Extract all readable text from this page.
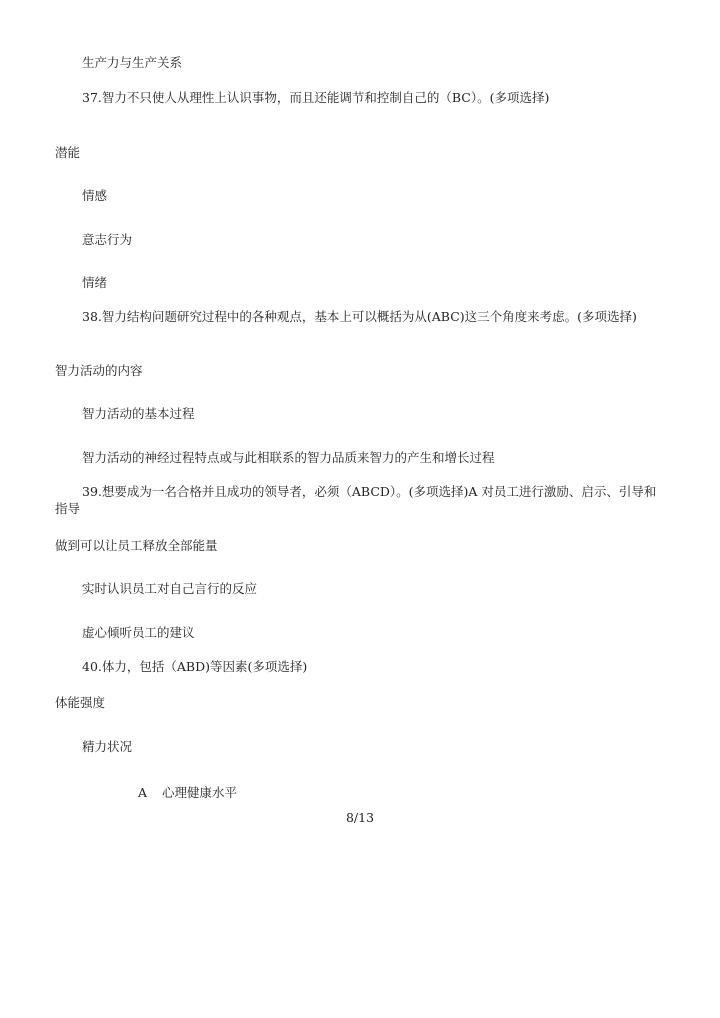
生产力与生产关系
37.智力不只使人从理性上认识事物，而且还能调节和控制自己的（BC）。(多项选择)
潜能
情感
意志行为
情绪
38.智力结构问题研究过程中的各种观点，基本上可以概括为从(ABC)这三个角度来考虑。(多项选择)
智力活动的内容
智力活动的基本过程
智力活动的神经过程特点或与此相联系的智力品质来智力的产生和增长过程
39.想要成为一名合格并且成功的领导者，必须（ABCD）。(多项选择)A 对员工进行激励、启示、引导和指导
做到可以让员工释放全部能量
实时认识员工对自己言行的反应
虚心倾听员工的建议
40.体力，包括（ABD)等因素(多项选择)
体能强度
精力状况
A 心理健康水平
8/13
